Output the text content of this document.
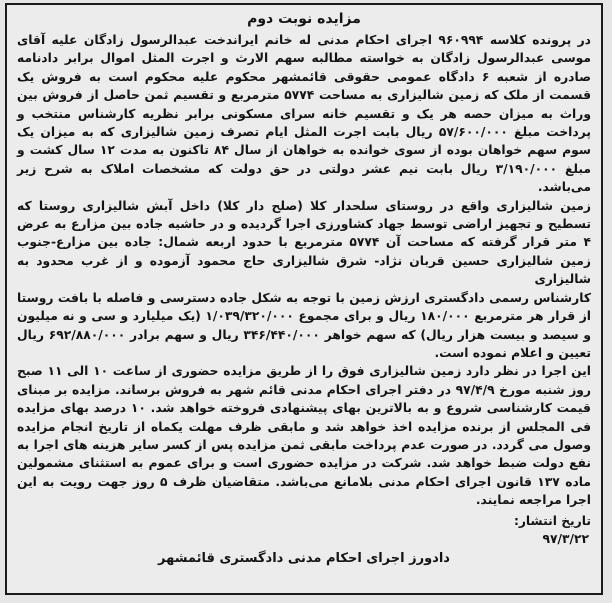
مزایده نوبت دوم

در پرونده کلاسه ۹۶۰۹۹۴ اجرای احکام مدنی له خانم ایراندخت عبدالرسول زادگان علیه آقای موسی عبدالرسول زادگان به خواسته مطالبه سهم الارث و اجرت المثل اموال برابر دادنامه صادره از شعبه ۶ دادگاه عمومی حقوقی قائمشهر محکوم علیه محکوم است به فروش یک قسمت از ملک که زمین شالیزاری به مساحت ۵۷۷۴ مترمربع و تقسیم ثمن حاصل از فروش بین وراث به میزان حصه هر یک و تقسیم خانه سرای مسکونی برابر نظریه کارشناس منتخب و پرداخت مبلغ ۵۷/۶۰۰/۰۰۰ ریال بابت اجرت المثل ایام تصرف زمین شالیزاری که به میزان یک سوم سهم خواهان بوده از سوی خوانده به خواهان از سال ۸۴ تاکنون به مدت ۱۲ سال کشت و مبلغ ۳/۱۹۰/۰۰۰ ریال بابت نیم عشر دولتی در حق دولت که مشخصات املاک به شرح زیر می‌باشد.

زمین شالیزاری واقع در روستای سلحدار کلا (صلح دار کلا) داخل آبش شالیزاری روستا که تسطیح و تجهیز اراضی توسط جهاد کشاورزی اجرا گردیده و در حاشیه جاده بین مزارع به عرض ۴ متر قرار گرفته که مساحت آن ۵۷۷۴ مترمربع با حدود اربعه شمال: جاده بین مزارع-جنوب زمین شالیزاری حسین قربان نژاد- شرق شالیزاری حاج محمود آزموده و از غرب محدود به شالیزاری

کارشناس رسمی دادگستری ارزش زمین با توجه به شکل جاده دسترسی و فاصله با بافت روستا از قرار هر مترمربع ۱۸۰/۰۰۰ ریال و برای مجموع ۱/۰۳۹/۳۲۰/۰۰۰ (یک میلیارد و سی و نه میلیون و سیصد و بیست هزار ریال) که سهم خواهر ۳۴۶/۴۴۰/۰۰۰ ریال و سهم برادر ۶۹۲/۸۸۰/۰۰۰ ریال تعیین و اعلام نموده است.

این اجرا در نظر دارد زمین شالیزاری فوق را از طریق مزایده حضوری از ساعت ۱۰ الی ۱۱ صبح روز شنبه مورخ ۹۷/۴/۹ در دفتر اجرای احکام مدنی قائم شهر به فروش برساند. مزایده بر مبنای قیمت کارشناسی شروع و به بالاترین بهای پیشنهادی فروخته خواهد شد. ۱۰ درصد بهای مزایده فی المجلس از برنده مزایده اخذ خواهد شد و مابقی ظرف مهلت یکماه از تاریخ انجام مزایده وصول می گردد. در صورت عدم پرداخت مابقی ثمن مزایده پس از کسر سایر هزینه های اجرا به نفع دولت ضبط خواهد شد. شرکت در مزایده حضوری است و برای عموم به استثنای مشمولین ماده ۱۳۷ قانون اجرای احکام مدنی بلامانع می‌باشد. متقاضیان ظرف ۵ روز جهت رویت به این اجرا مراجعه نمایند.

تاریخ انتشار:
۹۷/۳/۲۲
دادورز اجرای احکام مدنی دادگستری قائمشهر
